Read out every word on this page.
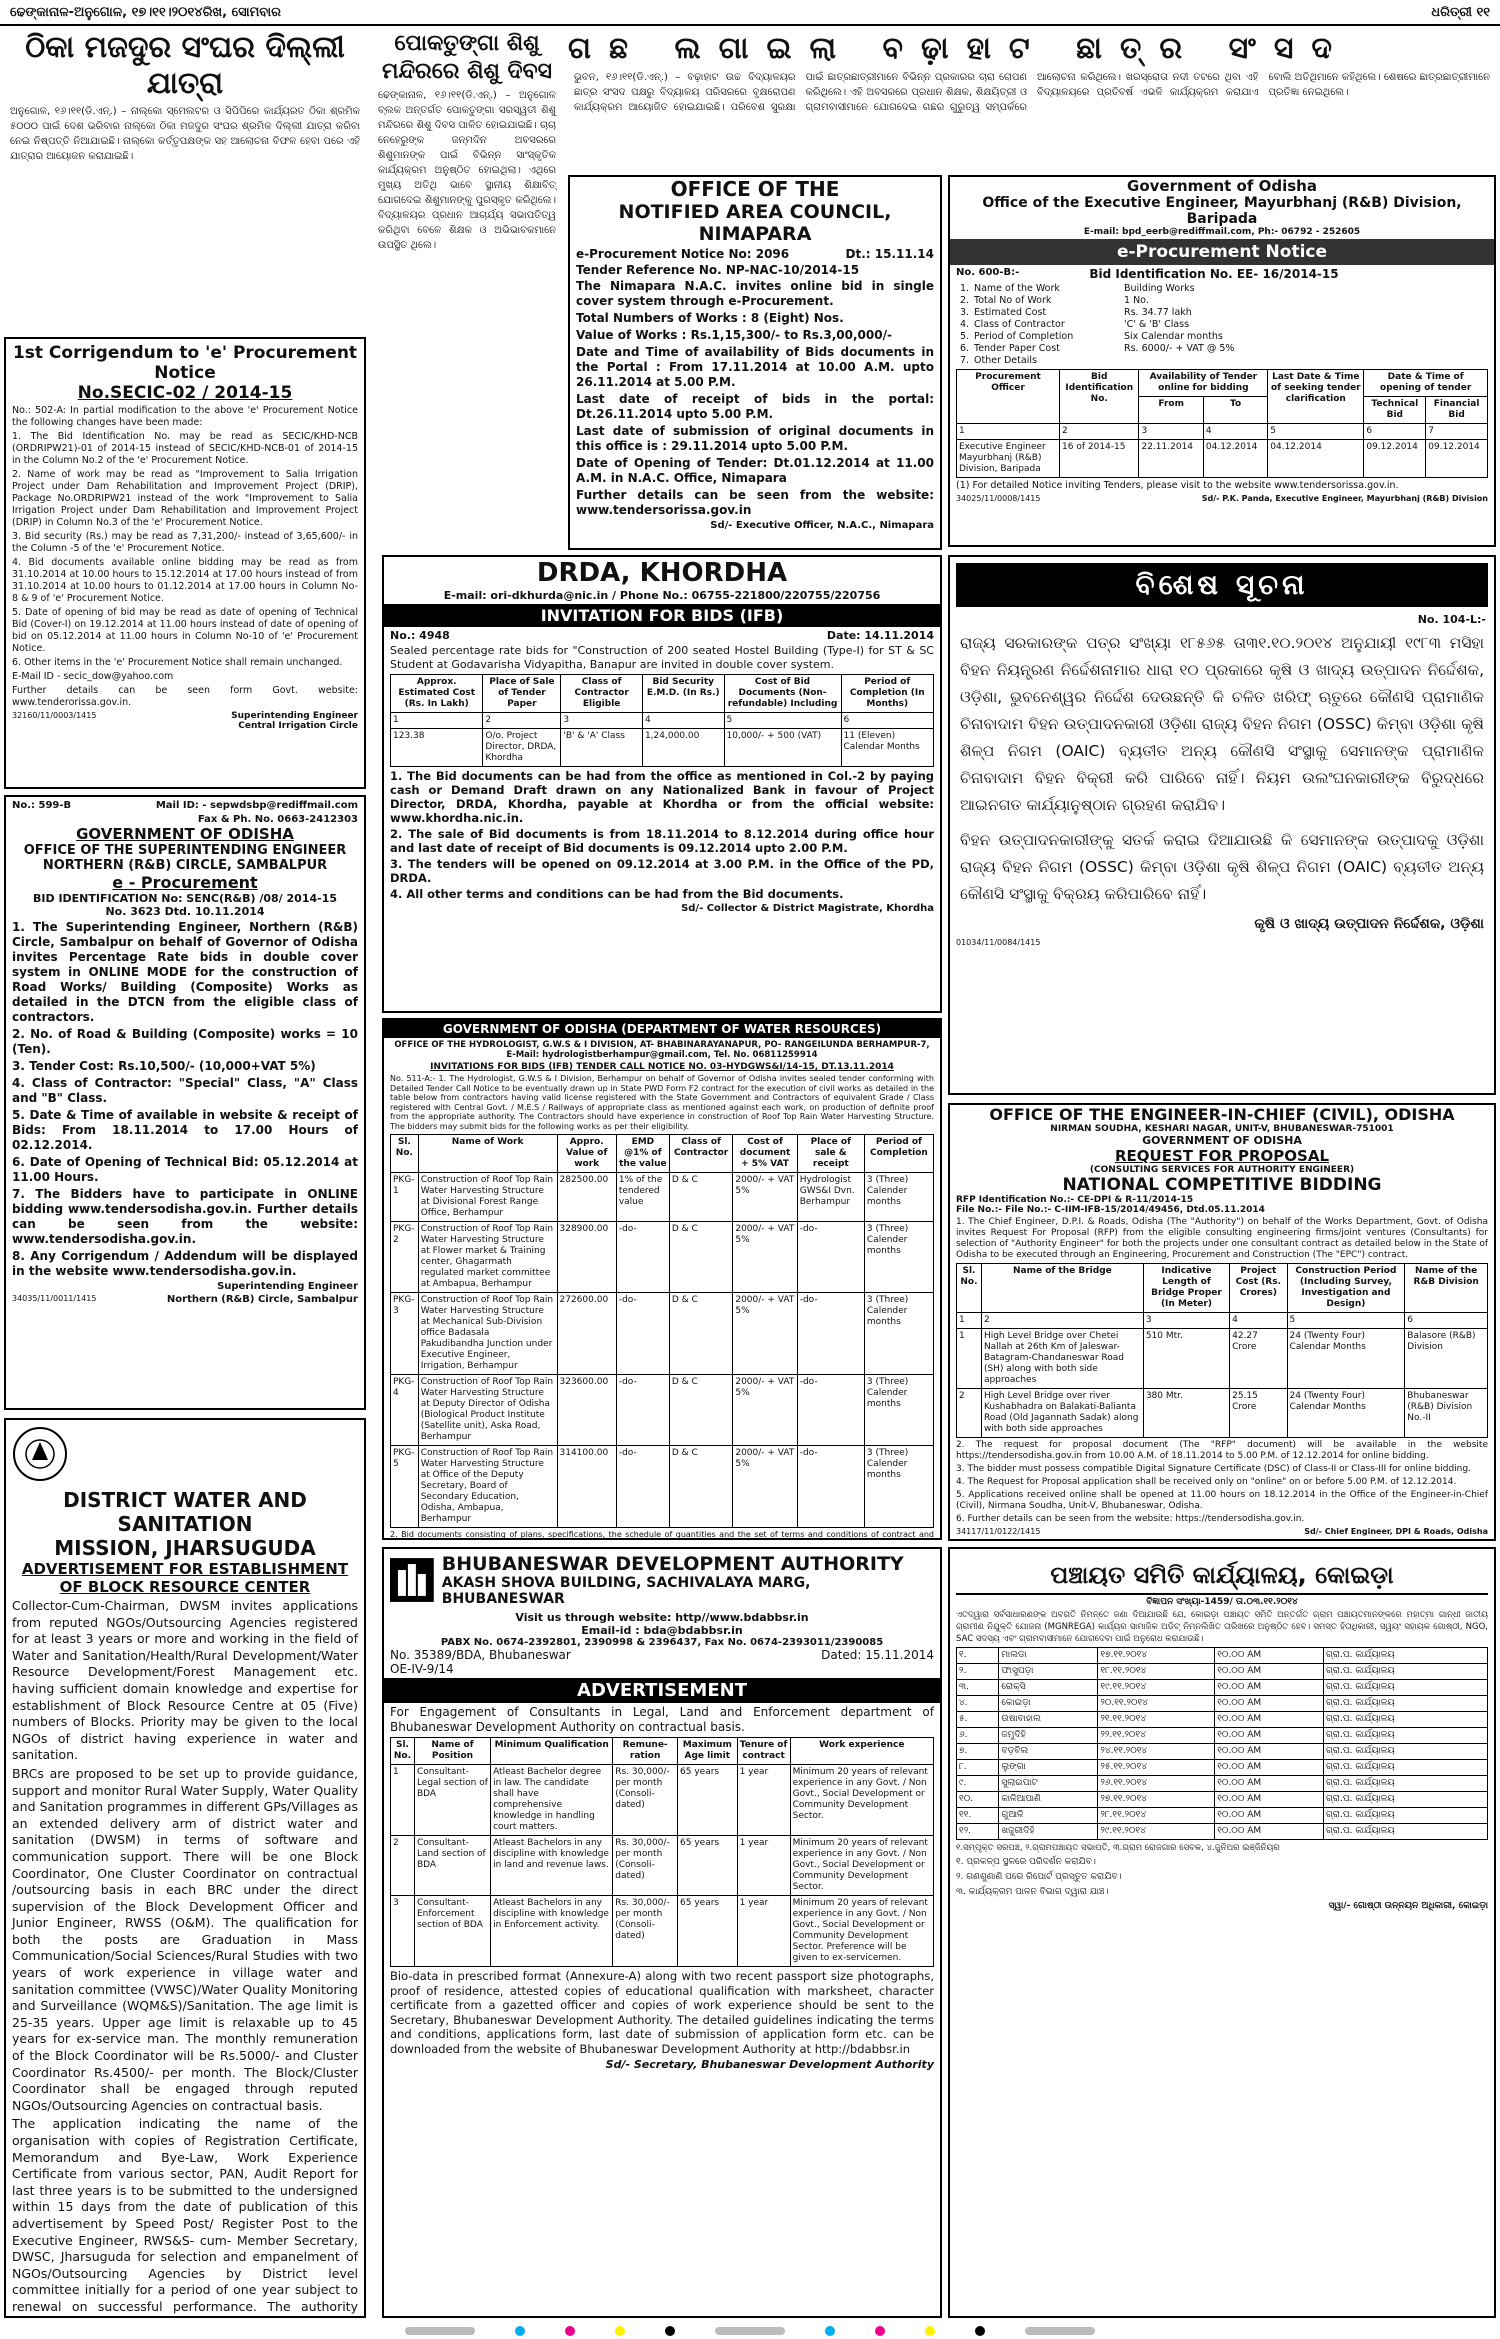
ଢେଙ୍କାନାଳ-ଅନୁଗୋଳ, ୧୭।୧୧।୨୦୧୪ରିଖ, ସୋମବାର	ଧରିତ୍ରୀ ୧୧
ଠିକା ମଜଦୁର ସଂଘର ଦିଲ୍ଲୀ ଯାତ୍ରା
ଅନୁଗୋଳ, ୧୬।୧୧(ଡି.ଏନ୍.) – ନାଲ୍କୋ ସ୍ମେଲଟର ଓ ସିପିପିରେ କାର୍ଯ୍ୟରତ ଠିକା ଶ୍ରମିକ ୫୦୦୦ ପାଇଁ ଦେଶ ଭରିବାର ନାଲ୍କୋ ଠିକା ମଜଦୁର ସଂଘର ଶ୍ରମିକ ଦିଲ୍ଲୀ ଯାତ୍ରା କରିବା ନେଇ ନିଷ୍ପତ୍ତି ନିଆଯାଇଛି। ନାଲ୍କୋ କର୍ତ୍ତୃପକ୍ଷଙ୍କ ସହ ଆଲୋଚନା ବିଫଳ ହେବା ପରେ ଏହି ଯାତ୍ରାର ଆୟୋଜନ କରାଯାଇଛି।
1st Corrigendum to 'e' Procurement Notice
No.SECIC-02 / 2014-15
No.: 502-A: In partial modification to the above 'e' Procurement Notice the following changes have been made:
1. The Bid Identification No. may be read as SECIC/KHD-NCB (ORDRIPW21)-01 of 2014-15 instead of SECIC/KHD-NCB-01 of 2014-15 in the Column No.2 of the 'e' Procurement Notice.
2. Name of work may be read as "Improvement to Salia Irrigation Project under Dam Rehabilitation and Improvement Project (DRIP), Package No.ORDRIPW21 instead of the work "Improvement to Salia Irrigation Project under Dam Rehabilitation and Improvement Project (DRIP) in Column No.3 of the 'e' Procurement Notice.
3. Bid security (Rs.) may be read as 7,31,200/- instead of 3,65,600/- in the Column -5 of the 'e' Procurement Notice.
4. Bid documents available online bidding may be read as from 31.10.2014 at 10.00 hours to 15.12.2014 at 17.00 hours instead of from 31.10.2014 at 10.00 hours to 01.12.2014 at 17.00 hours in Column No-8 & 9 of 'e' Procurement Notice.
5. Date of opening of bid may be read as date of opening of Technical Bid (Cover-I) on 19.12.2014 at 11.00 hours instead of date of opening of bid on 05.12.2014 at 11.00 hours in Column No-10 of 'e' Procurement Notice.
6. Other items in the 'e' Procurement Notice shall remain unchanged.
E-Mail ID - secic_dow@yahoo.com
Further details can be seen form Govt. website: www.tenderorissa.gov.in.
32160/11/0003/1415	Superintending Engineer
Central Irrigation Circle
No.: 599-B	Mail ID: - sepwdsbp@rediffmail.com
Fax & Ph. No. 0663-2412303
GOVERNMENT OF ODISHA
OFFICE OF THE SUPERINTENDING ENGINEER NORTHERN (R&B) CIRCLE, SAMBALPUR
e - Procurement
BID IDENTIFICATION No: SENC(R&B) /08/ 2014-15
No. 3623 Dtd. 10.11.2014
1. The Superintending Engineer, Northern (R&B) Circle, Sambalpur on behalf of Governor of Odisha invites Percentage Rate bids in double cover system in ONLINE MODE for the construction of Road Works/ Building (Composite) Works as detailed in the DTCN from the eligible class of contractors.
2. No. of Road & Building (Composite) works = 10 (Ten).
3. Tender Cost: Rs.10,500/- (10,000+VAT 5%)
4. Class of Contractor: "Special" Class, "A" Class and "B" Class.
5. Date & Time of available in website & receipt of Bids: From 18.11.2014 to 17.00 Hours of 02.12.2014.
6. Date of Opening of Technical Bid: 05.12.2014 at 11.00 Hours.
7. The Bidders have to participate in ONLINE bidding www.tendersodisha.gov.in. Further details can be seen from the website: www.tendersodisha.gov.in.
8. Any Corrigendum / Addendum will be displayed in the website www.tendersodisha.gov.in.
Superintending Engineer
34035/11/0011/1415	Northern (R&B) Circle, Sambalpur
DISTRICT WATER AND SANITATION
MISSION, JHARSUGUDA
ADVERTISEMENT FOR ESTABLISHMENT
OF BLOCK RESOURCE CENTER
Collector-Cum-Chairman, DWSM invites applications from reputed NGOs/Outsourcing Agencies registered for at least 3 years or more and working in the field of Water and Sanitation/Health/Rural Development/Water Resource Development/Forest Management etc. having sufficient domain knowledge and expertise for establishment of Block Resource Centre at 05 (Five) numbers of Blocks. Priority may be given to the local NGOs of district having experience in water and sanitation.
BRCs are proposed to be set up to provide guidance, support and monitor Rural Water Supply, Water Quality and Sanitation programmes in different GPs/Villages as an extended delivery arm of district water and sanitation (DWSM) in terms of software and communication support. There will be one Block Coordinator, One Cluster Coordinator on contractual /outsourcing basis in each BRC under the direct supervision of the Block Development Officer and Junior Engineer, RWSS (O&M). The qualification for both the posts are Graduation in Mass Communication/Social Sciences/Rural Studies with two years of work experience in village water and sanitation committee (VWSC)/Water Quality Monitoring and Surveillance (WQM&S)/Sanitation. The age limit is 25-35 years. Upper age limit is relaxable up to 45 years for ex-service man. The monthly remuneration of the Block Coordinator will be Rs.5000/- and Cluster Coordinator Rs.4500/- per month. The Block/Cluster Coordinator shall be engaged through reputed NGOs/Outsourcing Agencies on contractual basis.
The application indicating the name of the organisation with copies of Registration Certificate, Memorandum and Bye-Law, Work Experience Certificate from various sector, PAN, Audit Report for last three years is to be submitted to the undersigned within 15 days from the date of publication of this advertisement by Speed Post/ Register Post to the Executive Engineer, RWS&S- cum- Member Secretary, DWSC, Jharsuguda for selection and empanelment of NGOs/Outsourcing Agencies by District level committee initially for a period of one year subject to renewal on successful performance. The authority
ପୋକତୁଙ୍ଗା ଶିଶୁ ମନ୍ଦିରରେ ଶିଶୁ ଦିବସ
ଢେଙ୍କାନାଳ, ୧୬।୧୧(ଡି.ଏନ୍.) – ଅନୁଗୋଳ ବ୍ଲକ ଅନ୍ତର୍ଗତ ପୋକତୁଙ୍ଗା ସରସ୍ୱତୀ ଶିଶୁ ମନ୍ଦିରରେ ଶିଶୁ ଦିବସ ପାଳିତ ହୋଇଯାଇଛି। ଚାଚା ନେହେରୁଙ୍କ ଜନ୍ମଦିନ ଅବସରରେ ଶିଶୁମାନଙ୍କ ପାଇଁ ବିଭିନ୍ନ ସାଂସ୍କୃତିକ କାର୍ଯ୍ୟକ୍ରମ ଅନୁଷ୍ଠିତ ହୋଇଥିଲା। ଏଥିରେ ମୁଖ୍ୟ ଅତିଥି ଭାବେ ସ୍ଥାନୀୟ ଶିକ୍ଷାବିତ୍ ଯୋଗଦେଇ ଶିଶୁମାନଙ୍କୁ ପୁରସ୍କୃତ କରିଥିଲେ। ବିଦ୍ୟାଳୟର ପ୍ରଧାନ ଆଚାର୍ଯ୍ୟ ସଭାପତିତ୍ୱ କରିଥିବା ବେଳେ ଶିକ୍ଷକ ଓ ଅଭିଭାବକମାନେ ଉପସ୍ଥିତ ଥିଲେ।
ଗଛ ଲଗାଇଲା ବଢ଼ାହାଟ ଛାତ୍ର ସଂସଦ
ଭୁବନ, ୧୬।୧୧(ଡି.ଏନ୍.) – ବଢ଼ାହାଟ ଉଚ୍ଚ ବିଦ୍ୟାଳୟର ଛାତ୍ର ସଂସଦ ପକ୍ଷରୁ ବିଦ୍ୟାଳୟ ପରିସରରେ ବୃକ୍ଷରୋପଣ କାର୍ଯ୍ୟକ୍ରମ ଆୟୋଜିତ ହୋଇଯାଇଛି। ପରିବେଶ ସୁରକ୍ଷା ପାଇଁ ଛାତ୍ରଛାତ୍ରୀମାନେ ବିଭିନ୍ନ ପ୍ରକାରର ଚାରା ରୋପଣ କରିଥିଲେ। ଏହି ଅବସରରେ ପ୍ରଧାନ ଶିକ୍ଷକ, ଶିକ୍ଷୟିତ୍ରୀ ଓ ଗ୍ରାମବାସୀମାନେ ଯୋଗଦେଇ ଗଛର ଗୁରୁତ୍ୱ ସମ୍ପର୍କରେ ଆଲୋଚନା କରିଥିଲେ। ଖରସ୍ରୋତା ନଦୀ ତଟରେ ଥିବା ଏହି ବିଦ୍ୟାଳୟରେ ପ୍ରତିବର୍ଷ ଏଭଳି କାର୍ଯ୍ୟକ୍ରମ କରାଯାଏ ବୋଲି ଅତିଥିମାନେ କହିଥିଲେ। ଶେଷରେ ଛାତ୍ରଛାତ୍ରୀମାନେ ପ୍ରତିଜ୍ଞା ନେଇଥିଲେ।
OFFICE OF THE
NOTIFIED AREA COUNCIL, NIMAPARA
e-Procurement Notice No: 2096	Dt.: 15.11.14
Tender Reference No. NP-NAC-10/2014-15
The Nimapara N.A.C. invites online bid in single cover system through e-Procurement.
Total Numbers of Works : 8 (Eight) Nos.
Value of Works : Rs.1,15,300/- to Rs.3,00,000/-
Date and Time of availability of Bids documents in the Portal : From 17.11.2014 at 10.00 A.M. upto 26.11.2014 at 5.00 P.M.
Last date of receipt of bids in the portal: Dt.26.11.2014 upto 5.00 P.M.
Last date of submission of original documents in this office is : 29.11.2014 upto 5.00 P.M.
Date of Opening of Tender: Dt.01.12.2014 at 11.00 A.M. in N.A.C. Office, Nimapara
Further details can be seen from the website: www.tendersorissa.gov.in
Sd/- Executive Officer, N.A.C., Nimapara
DRDA, KHORDHA
E-mail: ori-dkhurda@nic.in / Phone No.: 06755-221800/220755/220756
INVITATION FOR BIDS (IFB)
No.: 4948	Date: 14.11.2014
Sealed percentage rate bids for "Construction of 200 seated Hostel Building (Type-I) for ST & SC Student at Godavarisha Vidyapitha, Banapur are invited in double cover system.
Approx. Estimated Cost (Rs. In Lakh)	Place of Sale of Tender Paper	Class of Contractor Eligible	Bid Security E.M.D. (In Rs.)	Cost of Bid Documents (Non-refundable) Including	Period of Completion (In Months)
1	2	3	4	5	6
123.38	O/o. Project Director, DRDA, Khordha	'B' & 'A' Class	1,24,000.00	10,000/- + 500 (VAT)	11 (Eleven) Calendar Months
1. The Bid documents can be had from the office as mentioned in Col.-2 by paying cash or Demand Draft drawn on any Nationalized Bank in favour of Project Director, DRDA, Khordha, payable at Khordha or from the official website: www.khordha.nic.in.
2. The sale of Bid documents is from 18.11.2014 to 8.12.2014 during office hour and last date of receipt of Bid documents is 09.12.2014 upto 2.00 P.M.
3. The tenders will be opened on 09.12.2014 at 3.00 P.M. in the Office of the PD, DRDA.
4. All other terms and conditions can be had from the Bid documents.
Sd/- Collector & District Magistrate, Khordha
GOVERNMENT OF ODISHA (DEPARTMENT OF WATER RESOURCES)
OFFICE OF THE HYDROLOGIST, G.W.S & I DIVISION, AT- BHABINARAYANAPUR, PO- RANGEILUNDA BERHAMPUR-7, E-Mail: hydrologistberhampur@gmail.com, Tel. No. 06811259914
INVITATIONS FOR BIDS (IFB) TENDER CALL NOTICE NO. 03-HYDGWS&I/14-15, DT.13.11.2014
No. 511-A:- 1. The Hydrologist, G.W.S & I Division, Berhampur on behalf of Governor of Odisha invites sealed tender conforming with Detailed Tender Call Notice to be eventually drawn up in State PWD Form F2 contract for the execution of civil works as detailed in the table below from contractors having valid license registered with the State Government and Contractors of equivalent Grade / Class registered with Central Govt. / M.E.S / Railways of appropriate class as mentioned against each work, on production of definite proof from the appropriate authority. The Contractors should have experience in construction of Roof Top Rain Water Harvesting Structure. The bidders may submit bids for the following works as per their eligibility.
Sl. No.	Name of Work	Appro. Value of work	EMD @1% of the value	Class of Contractor	Cost of document + 5% VAT	Place of sale & receipt	Period of Completion
PKG-1	Construction of Roof Top Rain Water Harvesting Structure at Divisional Forest Range Office, Berhampur	282500.00	1% of the tendered value	D & C	2000/- + VAT 5%	Hydrologist GWS&I Dvn. Berhampur	3 (Three) Calender months
PKG-2	Construction of Roof Top Rain Water Harvesting Structure at Flower market & Training center, Ghagarmath regulated market committee at Ambapua, Berhampur	328900.00	-do-	D & C	2000/- + VAT 5%	-do-	3 (Three) Calender months
PKG-3	Construction of Roof Top Rain Water Harvesting Structure at Mechanical Sub-Division office Badasala Pakudibandha Junction under Executive Engineer, Irrigation, Berhampur	272600.00	-do-	D & C	2000/- + VAT 5%	-do-	3 (Three) Calender months
PKG-4	Construction of Roof Top Rain Water Harvesting Structure at Deputy Director of Odisha (Biological Product Institute (Satellite unit), Aska Road, Berhampur	323600.00	-do-	D & C	2000/- + VAT 5%	-do-	3 (Three) Calender months
PKG-5	Construction of Roof Top Rain Water Harvesting Structure at Office of the Deputy Secretary, Board of Secondary Education, Odisha, Ambapua, Berhampur	314100.00	-do-	D & C	2000/- + VAT 5%	-do-	3 (Three) Calender months
2. Bid documents consisting of plans, specifications, the schedule of quantities and the set of terms and conditions of contract and
BHUBANESWAR DEVELOPMENT AUTHORITY
AKASH SHOVA BUILDING, SACHIVALAYA MARG, BHUBANESWAR
Visit us through website: http//www.bdabbsr.in
Email-id : bda@bdabbsr.in
PABX No. 0674-2392801, 2390998 & 2396437, Fax No. 0674-2393011/2390085
No. 35389/BDA, Bhubaneswar	Dated: 15.11.2014
OE-IV-9/14
ADVERTISEMENT
For Engagement of Consultants in Legal, Land and Enforcement department of Bhubaneswar Development Authority on contractual basis.
Sl. No.	Name of Position	Minimum Qualification	Remune-ration	Maximum Age limit	Tenure of contract	Work experience
1	Consultant-Legal section of BDA	Atleast Bachelor degree in law. The candidate shall have comprehensive knowledge in handling court matters.	Rs. 30,000/- per month (Consoli-dated)	65 years	1 year	Minimum 20 years of relevant experience in any Govt. / Non Govt., Social Development or Community Development Sector.
2	Consultant-Land section of BDA	Atleast Bachelors in any discipline with knowledge in land and revenue laws.	Rs. 30,000/- per month (Consoli-dated)	65 years	1 year	Minimum 20 years of relevant experience in any Govt. / Non Govt., Social Development or Community Development Sector.
3	Consultant-Enforcement section of BDA	Atleast Bachelors in any discipline with knowledge in Enforcement activity.	Rs. 30,000/- per month (Consoli-dated)	65 years	1 year	Minimum 20 years of relevant experience in any Govt. / Non Govt., Social Development or Community Development Sector. Preference will be given to ex-servicemen.
Bio-data in prescribed format (Annexure-A) along with two recent passport size photographs, proof of residence, attested copies of educational qualification with marksheet, character certificate from a gazetted officer and copies of work experience should be sent to the Secretary, Bhubaneswar Development Authority. The detailed guidelines indicating the terms and conditions, applications form, last date of submission of application form etc. can be downloaded from the website of Bhubaneswar Development Authority at http://bdabbsr.in
Sd/- Secretary, Bhubaneswar Development Authority
Government of Odisha
Office of the Executive Engineer, Mayurbhanj (R&B) Division, Baripada
E-mail: bpd_eerb@rediffmail.com, Ph:- 06792 - 252605
e-Procurement Notice
No. 600-B:-	Bid Identification No. EE- 16/2014-15
1. Name of the Work	Building Works
2. Total No of Work	1 No.
3. Estimated Cost	Rs. 34.77 lakh
4. Class of Contractor	'C' & 'B' Class
5. Period of Completion	Six Calendar months
6. Tender Paper Cost	Rs. 6000/- + VAT @ 5%
7. Other Details
Procurement Officer	Bid Identification No.	Availability of Tender online for bidding		Last Date & Time of seeking tender clarification	Date & Time of opening of tender	
		From	To		Technical Bid	Financial Bid
1	2	3	4	5	6	7
Executive Engineer Mayurbhanj (R&B) Division, Baripada	16 of 2014-15	22.11.2014	04.12.2014	04.12.2014	09.12.2014	09.12.2014
(1) For detailed Notice inviting Tenders, please visit to the website www.tendersorissa.gov.in.
34025/11/0008/1415	Sd/- P.K. Panda, Executive Engineer, Mayurbhanj (R&B) Division
ବିଶେଷ ସୂଚନା
No. 104-L:-
ରାଜ୍ୟ ସରକାରଙ୍କ ପତ୍ର ସଂଖ୍ୟା ୧୮୫୬୫ ତା୩୧.୧୦.୨୦୧୪ ଅନୁଯାୟୀ ୧୯୮୩ ମସିହା ବିହନ ନିୟନ୍ତ୍ରଣ ନିର୍ଦ୍ଦେଶନାମାର ଧାରା ୧୦ ପ୍ରକାରେ କୃଷି ଓ ଖାଦ୍ୟ ଉତ୍ପାଦନ ନିର୍ଦ୍ଦେଶକ, ଓଡ଼ିଶା, ଭୁବନେଶ୍ୱର ନିର୍ଦ୍ଦେଶ ଦେଉଛନ୍ତି କି ଚଳିତ ଖରିଫ୍ ଋତୁରେ କୌଣସି ପ୍ରାମାଣିକ ଚିନାବାଦାମ ବିହନ ଉତ୍ପାଦନକାରୀ ଓଡ଼ିଶା ରାଜ୍ୟ ବିହନ ନିଗମ (OSSC) କିମ୍ବା ଓଡ଼ିଶା କୃଷି ଶିଳ୍ପ ନିଗମ (OAIC) ବ୍ୟତୀତ ଅନ୍ୟ କୌଣସି ସଂସ୍ଥାକୁ ସେମାନଙ୍କ ପ୍ରାମାଣିକ ଚିନାବାଦାମ ବିହନ ବିକ୍ରୀ କରି ପାରିବେ ନାହିଁ। ନିୟମ ଉଲଂଘନକାରୀଙ୍କ ବିରୁଦ୍ଧରେ ଆଇନଗତ କାର୍ଯ୍ୟାନୁଷ୍ଠାନ ଗ୍ରହଣ କରାଯିବ।
ବିହନ ଉତ୍ପାଦନକାରୀଙ୍କୁ ସତର୍କ କରାଇ ଦିଆଯାଉଛି କି ସେମାନଙ୍କ ଉତ୍ପାଦକୁ ଓଡ଼ିଶା ରାଜ୍ୟ ବିହନ ନିଗମ (OSSC) କିମ୍ବା ଓଡ଼ିଶା କୃଷି ଶିଳ୍ପ ନିଗମ (OAIC) ବ୍ୟତୀତ ଅନ୍ୟ କୌଣସି ସଂସ୍ଥାକୁ ବିକ୍ରୟ କରିପାରିବେ ନାହିଁ।
କୃଷି ଓ ଖାଦ୍ୟ ଉତ୍ପାଦନ ନିର୍ଦ୍ଦେଶକ, ଓଡ଼ିଶା
01034/11/0084/1415
OFFICE OF THE ENGINEER-IN-CHIEF (CIVIL), ODISHA
NIRMAN SOUDHA, KESHARI NAGAR, UNIT-V, BHUBANESWAR-751001
GOVERNMENT OF ODISHA
REQUEST FOR PROPOSAL
(CONSULTING SERVICES FOR AUTHORITY ENGINEER)
NATIONAL COMPETITIVE BIDDING
RFP Identification No.:- CE-DPI & R-11/2014-15
File No.:- File No.:- C-IIM-IFB-15/2014/49456, Dtd.05.11.2014
1. The Chief Engineer, D.P.I. & Roads, Odisha (The "Authority") on behalf of the Works Department, Govt. of Odisha invites Request For Proposal (RFP) from the eligible consulting engineering firms/joint ventures (Consultants) for selection of "Authority Engineer" for both the projects under one consultant contract as detailed below in the State of Odisha to be executed through an Engineering, Procurement and Construction (The "EPC") contract.
Sl. No.	Name of the Bridge	Indicative Length of Bridge Proper (In Meter)	Project Cost (Rs. Crores)	Construction Period (Including Survey, Investigation and Design)	Name of the R&B Division
1	2	3	4	5	6
1	High Level Bridge over Chetei Nallah at 26th Km of Jaleswar-Batagram-Chandaneswar Road (SH) along with both side approaches	510 Mtr.	42.27 Crore	24 (Twenty Four) Calendar Months	Balasore (R&B) Division
2	High Level Bridge over river Kushabhadra on Balakati-Balianta Road (Old Jagannath Sadak) along with both side approaches	380 Mtr.	25.15 Crore	24 (Twenty Four) Calendar Months	Bhubaneswar (R&B) Division No.-II
2. The request for proposal document (The "RFP" document) will be available in the website https://tendersodisha.gov.in from 10.00 A.M. of 18.11.2014 to 5.00 P.M. of 12.12.2014 for online bidding.
3. The bidder must possess compatible Digital Signature Certificate (DSC) of Class-II or Class-III for online bidding.
4. The Request for Proposal application shall be received only on "online" on or before 5.00 P.M. of 12.12.2014.
5. Applications received online shall be opened at 11.00 hours on 18.12.2014 in the Office of the Engineer-in-Chief (Civil), Nirmana Soudha, Unit-V, Bhubaneswar, Odisha.
6. Further details can be seen from the website: https://tendersodisha.gov.in.
34117/11/0122/1415	Sd/- Chief Engineer, DPI & Roads, Odisha
ପଞ୍ଚାୟତ ସମିତି କାର୍ଯ୍ୟାଳୟ, କୋଇଡ଼ା
ବିଜ୍ଞାପନ ସଂଖ୍ୟା-1459/ ତା.୦୩.୧୧.୨୦୧୪
ଏତଦ୍ୱାରା ସର୍ବସାଧାରଣଙ୍କ ଅବଗତି ନିମନ୍ତେ ଜଣା ଦିଆଯାଉଛି ଯେ, କୋଇଡ଼ା ପଞ୍ଚାୟତ ସମିତି ଅନ୍ତର୍ଗତ ଗ୍ରାମ ପଞ୍ଚାୟତମାନଙ୍କରେ ମହାତ୍ମା ଗାନ୍ଧୀ ଜାତୀୟ ଗ୍ରାମୀଣ ନିଯୁକ୍ତି ଯୋଜନା (MGNREGA) କାର୍ଯ୍ୟର ସାମାଜିକ ଅଡିଟ୍ ନିମ୍ନଲିଖିତ ତାରିଖରେ ଅନୁଷ୍ଠିତ ହେବ। ସମସ୍ତ ହିତାଧିକାରୀ, ସ୍ୱୟଂ ସହାୟକ ଗୋଷ୍ଠୀ, NGO, SAC ସଦସ୍ୟ ଏବଂ ଗ୍ରାମବାସୀମାନେ ଯୋଗଦେବା ପାଇଁ ଅନୁରୋଧ କରାଯାଉଛି।
୧.	ମାଲଡା	୧୭.୧୧.୨୦୧୪	୧୦.୦୦ AM	ଗ୍ରା.ପ. କାର୍ଯ୍ୟାଳୟ
୨.	ଫାସୁପଡ଼ା	୧୮.୧୧.୨୦୧୪	୧୦.୦୦ AM	ଗ୍ରା.ପ. କାର୍ଯ୍ୟାଳୟ
୩.	ରୋକ୍ସି	୧୯.୧୧.୨୦୧୪	୧୦.୦୦ AM	ଗ୍ରା.ପ. କାର୍ଯ୍ୟାଳୟ
୪.	କୋଇଡ଼ା	୨୦.୧୧.୨୦୧୪	୧୦.୦୦ AM	ଗ୍ରା.ପ. କାର୍ଯ୍ୟାଳୟ
୫.	ଉଷାବାହାଲ	୨୧.୧୧.୨୦୧୪	୧୦.୦୦ AM	ଗ୍ରା.ପ. କାର୍ଯ୍ୟାଳୟ
୬.	ଜମୁଦିହି	୨୨.୧୧.୨୦୧୪	୧୦.୦୦ AM	ଗ୍ରା.ପ. କାର୍ଯ୍ୟାଳୟ
୭.	ବଡ଼ବିଲ	୨୪.୧୧.୨୦୧୪	୧୦.୦୦ AM	ଗ୍ରା.ପ. କାର୍ଯ୍ୟାଳୟ
୮.	ଲୁଙ୍ଗା	୨୫.୧୧.୨୦୧୪	୧୦.୦୦ AM	ଗ୍ରା.ପ. କାର୍ଯ୍ୟାଳୟ
୯.	ସୁଲାଇପାଟ	୨୬.୧୧.୨୦୧୪	୧୦.୦୦ AM	ଗ୍ରା.ପ. କାର୍ଯ୍ୟାଳୟ
୧୦.	କାଳିଆପାଣି	୨୭.୧୧.୨୦୧୪	୧୦.୦୦ AM	ଗ୍ରା.ପ. କାର୍ଯ୍ୟାଳୟ
୧୧.	ଗୁଆଳି	୨୮.୧୧.୨୦୧୪	୧୦.୦୦ AM	ଗ୍ରା.ପ. କାର୍ଯ୍ୟାଳୟ
୧୨.	ଖଜୁରୀଦିହି	୨୯.୧୧.୨୦୧୪	୧୦.୦୦ AM	ଗ୍ରା.ପ. କାର୍ଯ୍ୟାଳୟ
୧.ସମ୍ପୃକ୍ତ ସରପଞ୍ଚ, ୨.ଗ୍ରାମପଞ୍ଚାୟତ ସଭାପତି, ୩.ଗ୍ରାମ ରୋଜଗାର ସେବକ, ୪.ଜୁନିଅର ଇଞ୍ଜିନିୟର
୧. ପ୍ରକଳ୍ପ ସ୍ଥଳରେ ପରିଦର୍ଶନ କରାଯିବ।
୨. ଗଣଶୁଣାଣି ପରେ ରିପୋର୍ଟ ପ୍ରସ୍ତୁତ କରାଯିବ।
୩. କାର୍ଯ୍ୟକ୍ରମ ପାଳନ ବିଭାଗ ଦ୍ୱାରା ଯାଞ୍ଚ।
ସ୍ୱା/- ଗୋଷ୍ଠୀ ଉନ୍ନୟନ ଅଧିକାରୀ, କୋଇଡ଼ା
